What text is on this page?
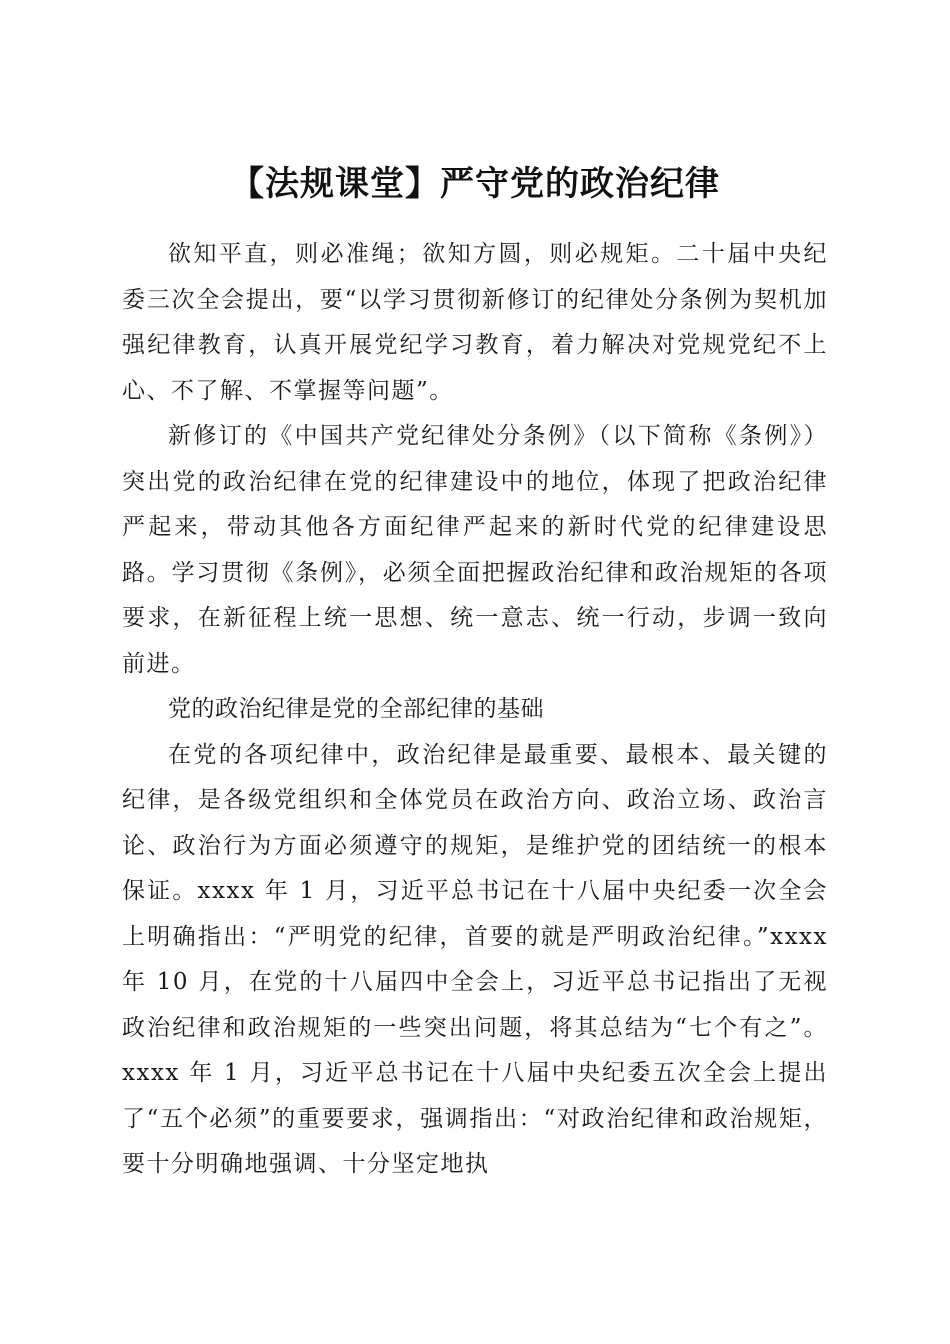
【法规课堂】严守党的政治纪律

欲知平直，则必准绳；欲知方圆，则必规矩。二十届中央纪委三次全会提出，要“以学习贯彻新修订的纪律处分条例为契机加强纪律教育，认真开展党纪学习教育，着力解决对党规党纪不上心、不了解、不掌握等问题”。

新修订的《中国共产党纪律处分条例》（以下简称《条例》）突出党的政治纪律在党的纪律建设中的地位，体现了把政治纪律严起来，带动其他各方面纪律严起来的新时代党的纪律建设思路。学习贯彻《条例》，必须全面把握政治纪律和政治规矩的各项要求，在新征程上统一思想、统一意志、统一行动，步调一致向前进。

党的政治纪律是党的全部纪律的基础

在党的各项纪律中，政治纪律是最重要、最根本、最关键的纪律，是各级党组织和全体党员在政治方向、政治立场、政治言论、政治行为方面必须遵守的规矩，是维护党的团结统一的根本保证。xxxx 年 1 月，习近平总书记在十八届中央纪委一次全会上明确指出：“严明党的纪律，首要的就是严明政治纪律。”xxxx 年 10 月，在党的十八届四中全会上，习近平总书记指出了无视政治纪律和政治规矩的一些突出问题，将其总结为“七个有之”。xxxx 年 1 月，习近平总书记在十八届中央纪委五次全会上提出了“五个必须”的重要要求，强调指出：“对政治纪律和政治规矩，要十分明确地强调、十分坚定地执
